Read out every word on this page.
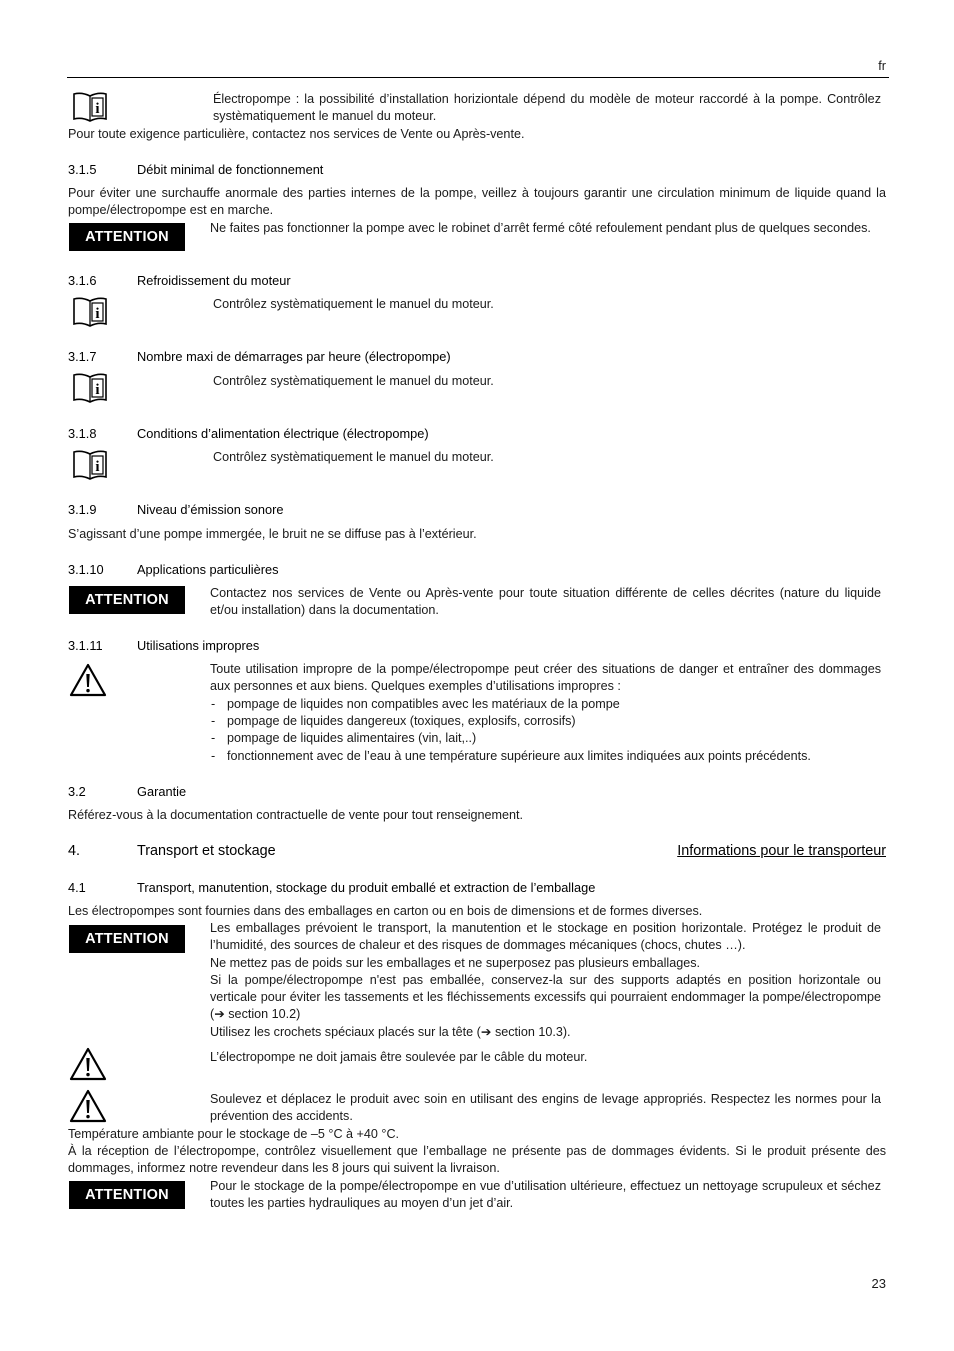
fr
i
Électropompe : la possibilité d’installation horiziontale dépend du modèle de moteur raccordé à la pompe. Contrôlez systèmatiquement le manuel du moteur.
Pour toute exigence particulière, contactez nos services de Vente ou Après-vente.
3.1.5	Débit minimal de fonctionnement
Pour éviter une surchauffe anormale des parties internes de la pompe, veillez à toujours garantir une circulation minimum de liquide quand la pompe/électropompe est en marche.
ATTENTION
Ne faites pas fonctionner la pompe avec le robinet d’arrêt fermé côté refoulement pendant plus de quelques secondes.
3.1.6	Refroidissement du moteur
i
Contrôlez systèmatiquement le manuel du moteur.
3.1.7	Nombre maxi de démarrages par heure (électropompe)
i
Contrôlez systèmatiquement le manuel du moteur.
3.1.8	Conditions d’alimentation électrique (électropompe)
i
Contrôlez systèmatiquement le manuel du moteur.
3.1.9	Niveau d’émission sonore
S’agissant d’une pompe immergée, le bruit ne se diffuse pas à l’extérieur.
3.1.10	Applications particulières
ATTENTION	Contactez nos services de Vente ou Après-vente pour toute situation différente de celles décrites (nature du liquide et/ou installation) dans la documentation.
3.1.11	Utilisations impropres
Toute utilisation impropre de la pompe/électropompe peut créer des situations de danger et entraîner des dommages aux personnes et aux biens. Quelques exemples d’utilisations impropres :
- pompage de liquides non compatibles avec les matériaux de la pompe
- pompage de liquides dangereux (toxiques, explosifs, corrosifs)
- pompage de liquides alimentaires (vin, lait,..)
- fonctionnement avec de l’eau à une température supérieure aux limites indiquées aux points précédents.
3.2	Garantie
Référez-vous à la documentation contractuelle de vente pour tout renseignement.
4.	Transport et stockage	Informations pour le transporteur
4.1	Transport, manutention, stockage du produit emballé et extraction de l’emballage
Les électropompes sont fournies dans des emballages en carton ou en bois de dimensions et de formes diverses.
ATTENTION
Les emballages prévoient le transport, la manutention et le stockage en position horizontale. Protégez le produit de l’humidité, des sources de chaleur et des risques de dommages mécaniques (chocs, chutes …).
Ne mettez pas de poids sur les emballages et ne superposez pas plusieurs emballages.
Si la pompe/électropompe n'est pas emballée, conservez-la sur des supports adaptés en position horizontale ou verticale pour éviter les tassements et les fléchissements excessifs qui pourraient endommager la pompe/électropompe (➔ section 10.2)
Utilisez les crochets spéciaux placés sur la tête (➔ section 10.3).
L’électropompe ne doit jamais être soulevée par le câble du moteur.
Soulevez et déplacez le produit avec soin en utilisant des engins de levage appropriés. Respectez les normes pour la prévention des accidents.
Température ambiante pour le stockage de –5 °C à +40 °C.
À la réception de l’électropompe, contrôlez visuellement que l’emballage ne présente pas de dommages évidents. Si le produit présente des dommages, informez notre revendeur dans les 8 jours qui suivent la livraison.
ATTENTION
Pour le stockage de la pompe/électropompe en vue d’utilisation ultérieure, effectuez un nettoyage scrupuleux et séchez toutes les parties hydrauliques au moyen d’un jet d’air.
23
